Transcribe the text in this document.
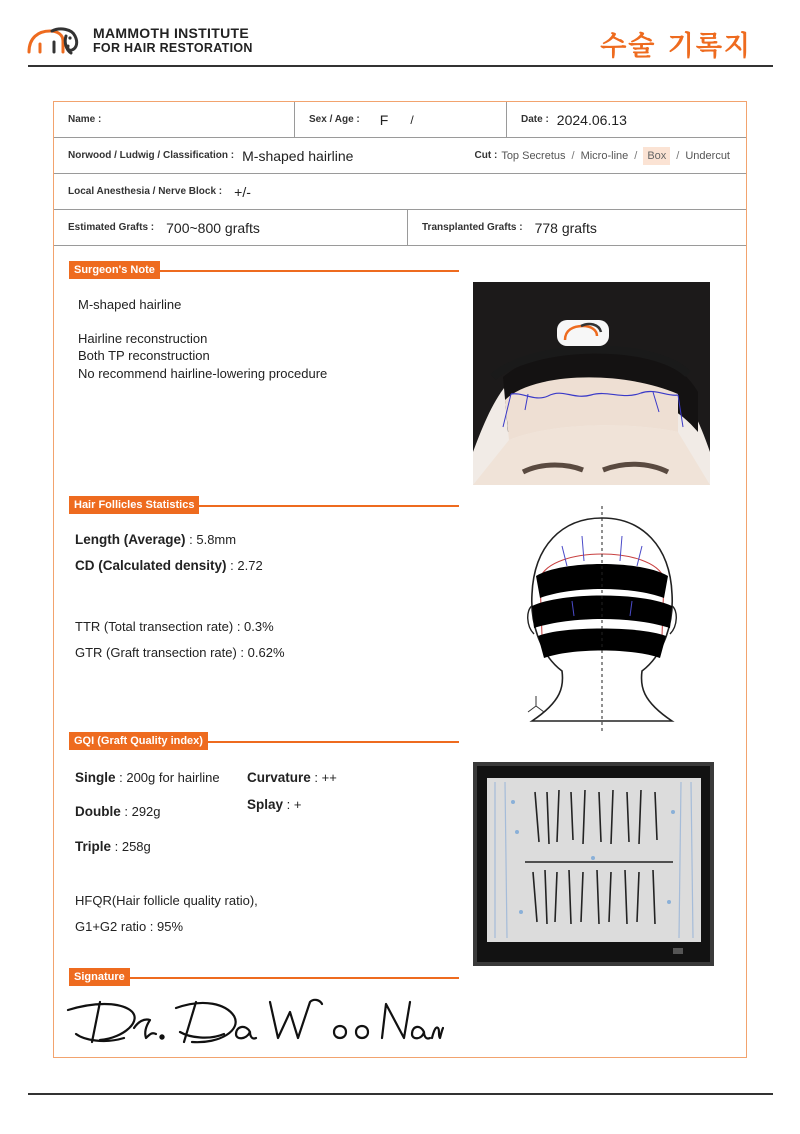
MAMMOTH INSTITUTE
FOR HAIR RESTORATION	수술 기록지
Name :	Sex / Age : F /	Date : 2024.06.13
Norwood / Ludwig / Classification : M-shaped hairline	Cut : Top Secretus / Micro-line / Box / Undercut
Local Anesthesia / Nerve Block : +/-
Estimated Grafts : 700~800 grafts	Transplanted Grafts : 778 grafts
Surgeon's Note
M-shaped hairline
Hairline reconstruction
Both TP reconstruction
No recommend hairline-lowering procedure
Hair Follicles Statistics
Length (Average) : 5.8mm
CD (Calculated density) : 2.72
TTR (Total transection rate) : 0.3%
GTR (Graft transection rate) : 0.62%
GQI (Graft Quality index)
Single : 200g for hairline Curvature : ++
Double : 292g	Splay : +
Triple : 258g
HFQR(Hair follicle quality ratio),
G1+G2 ratio : 95%
Signature
